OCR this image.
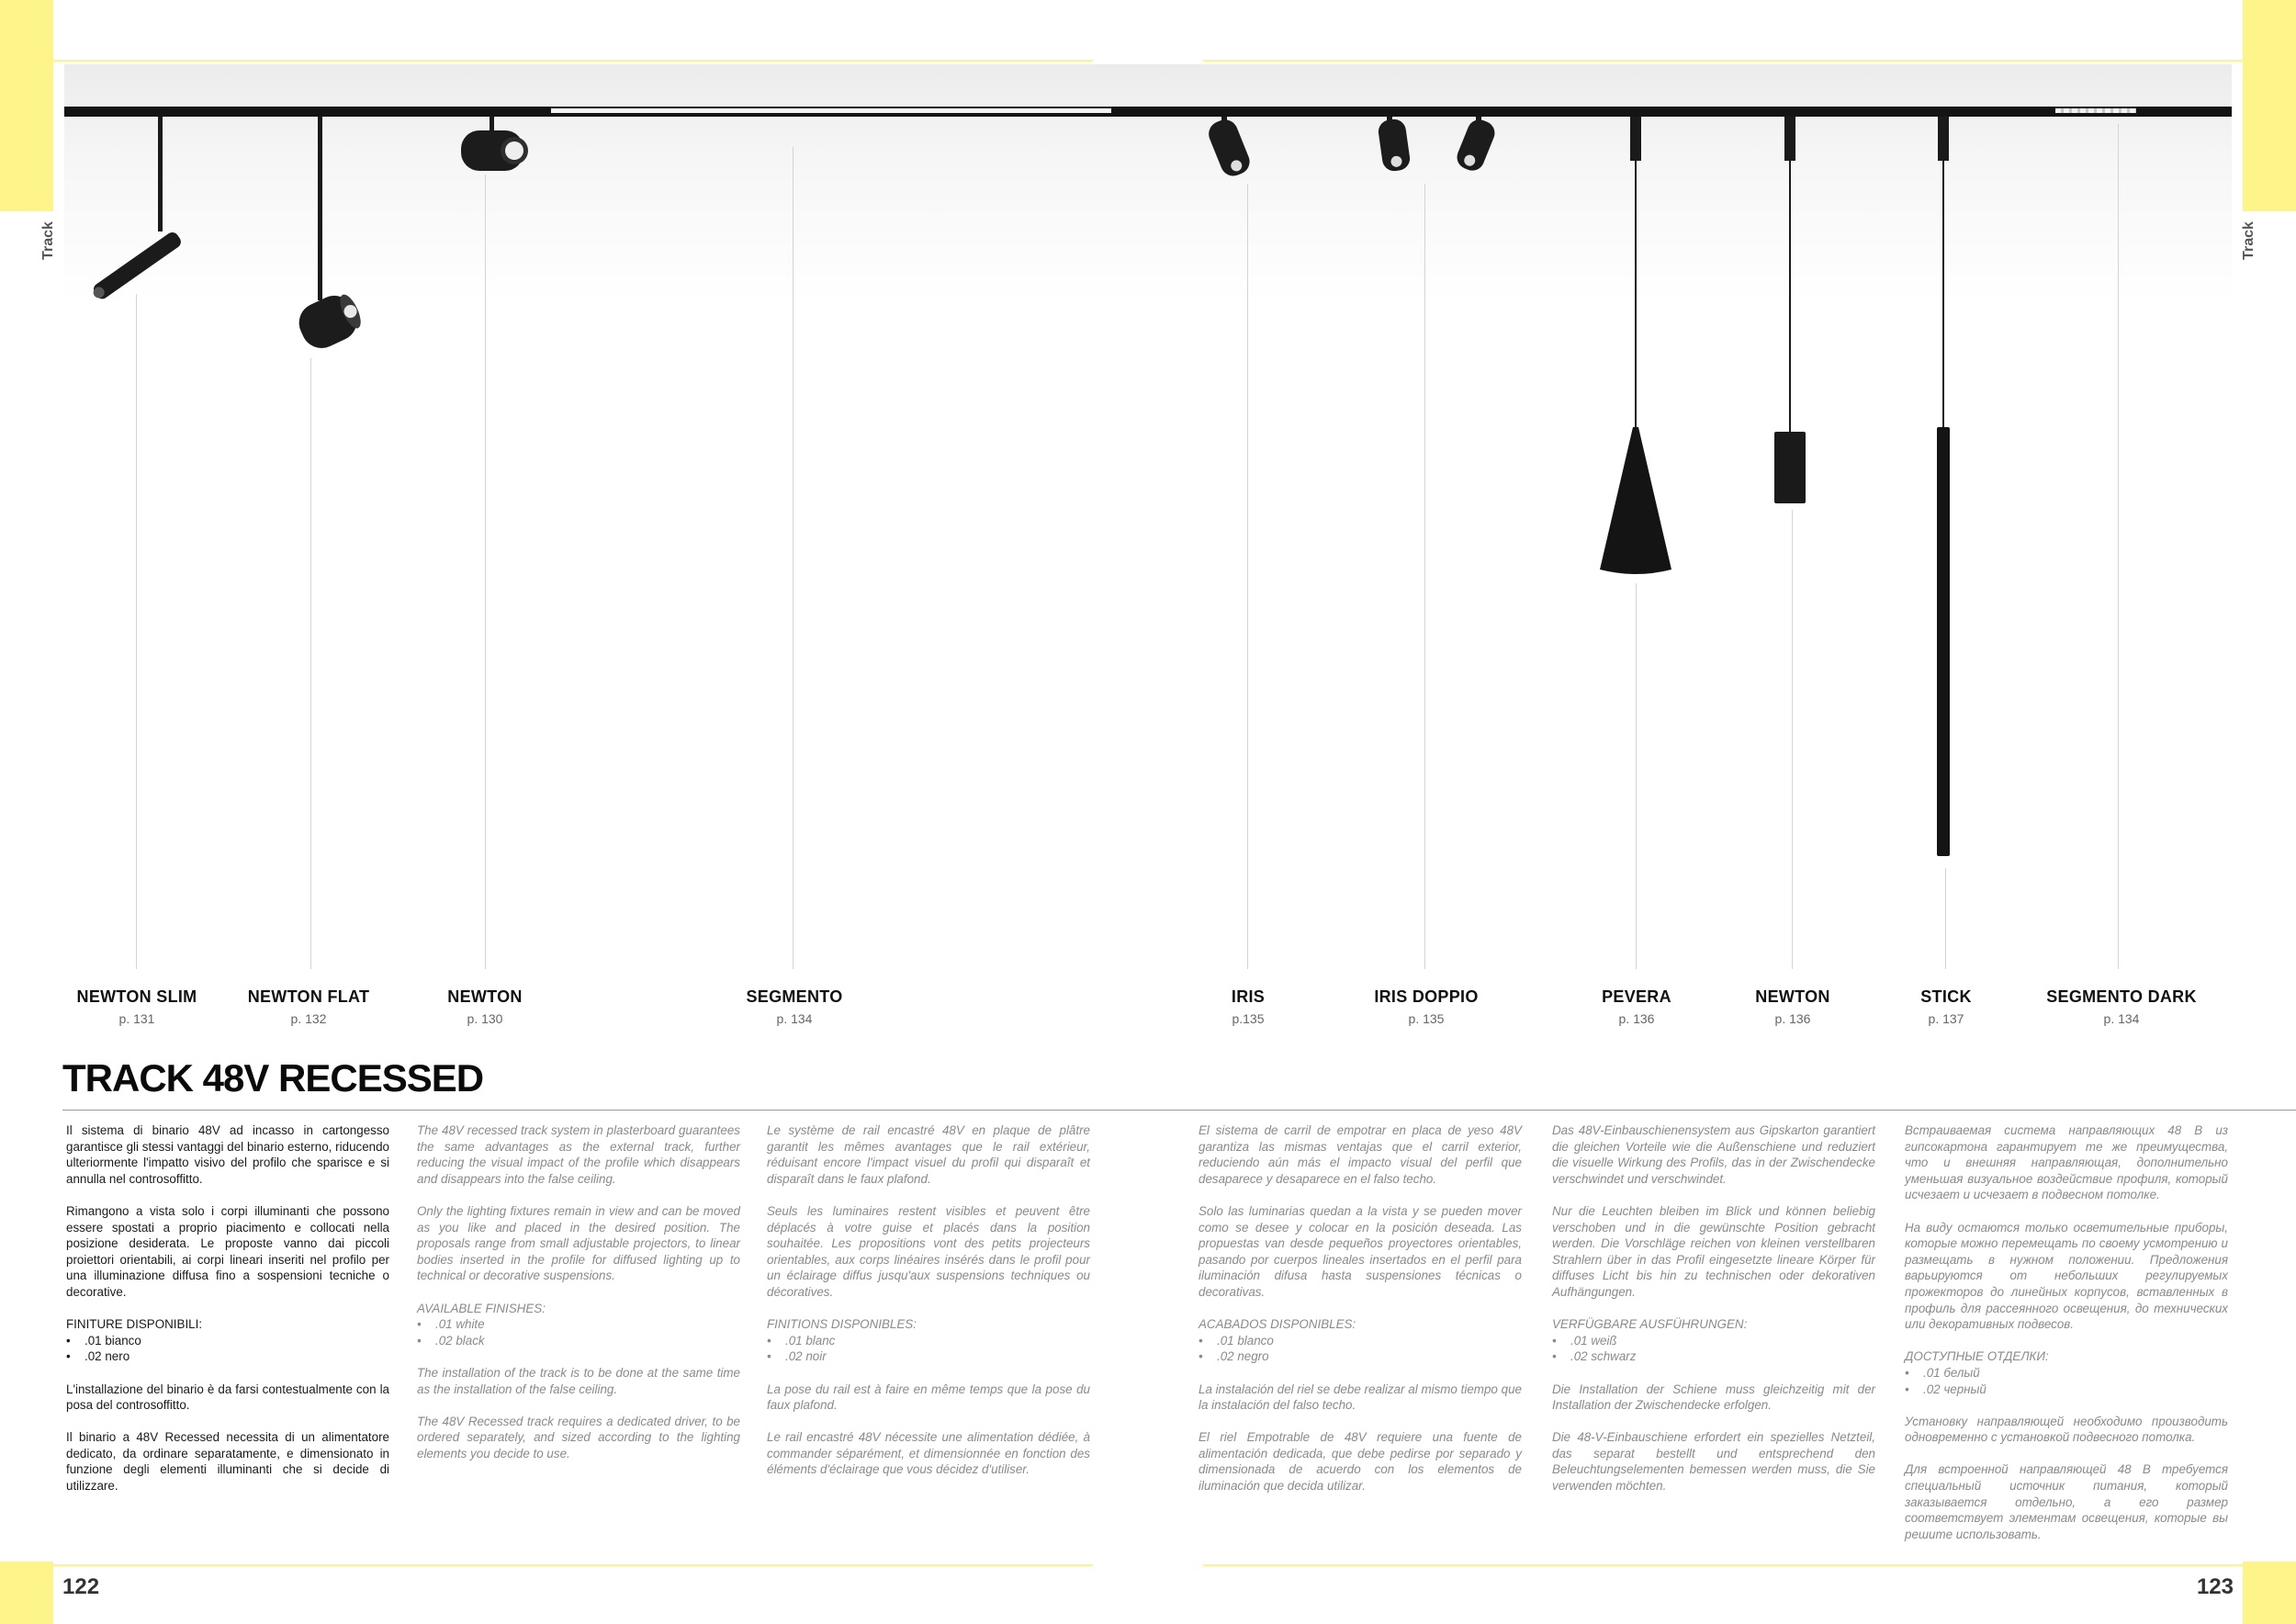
Track	Track
NEWTON SLIM
p. 131
NEWTON FLAT
p. 132
NEWTON
p. 130
SEGMENTO
p. 134
IRIS
p.135
IRIS DOPPIO
p. 135
PEVERA
p. 136
NEWTON
p. 136
STICK
p. 137
SEGMENTO DARK
p. 134
TRACK 48V RECESSED

Il sistema di binario 48V ad incasso in cartongesso garantisce gli stessi vantaggi del binario esterno, riducendo ulteriormente l'impatto visivo del profilo che sparisce e si annulla nel controsoffitto.

Rimangono a vista solo i corpi illuminanti che possono essere spostati a proprio piacimento e collocati nella posizione desiderata. Le proposte vanno dai piccoli proiettori orientabili, ai corpi lineari inseriti nel profilo per una illuminazione diffusa fino a sospensioni tecniche o decorative.

FINITURE DISPONIBILI:
• .01 bianco
• .02 nero

L'installazione del binario è da farsi contestualmente con la posa del controsoffitto.

Il binario a 48V Recessed necessita di un alimentatore dedicato, da ordinare separatamente, e dimensionato in funzione degli elementi illuminanti che si decide di utilizzare.

The 48V recessed track system in plasterboard guarantees the same advantages as the external track, further reducing the visual impact of the profile which disappears and disappears into the false ceiling.

Only the lighting fixtures remain in view and can be moved as you like and placed in the desired position. The proposals range from small adjustable projectors, to linear bodies inserted in the profile for diffused lighting up to technical or decorative suspensions.

AVAILABLE FINISHES:
• .01 white
• .02 black

The installation of the track is to be done at the same time as the installation of the false ceiling.

The 48V Recessed track requires a dedicated driver, to be ordered separately, and sized according to the lighting elements you decide to use.

Le système de rail encastré 48V en plaque de plâtre garantit les mêmes avantages que le rail extérieur, réduisant encore l'impact visuel du profil qui disparaît et disparaît dans le faux plafond.

Seuls les luminaires restent visibles et peuvent être déplacés à votre guise et placés dans la position souhaitée. Les propositions vont des petits projecteurs orientables, aux corps linéaires insérés dans le profil pour un éclairage diffus jusqu'aux suspensions techniques ou décoratives.

FINITIONS DISPONIBLES:
• .01 blanc
• .02 noir

La pose du rail est à faire en même temps que la pose du faux plafond.

Le rail encastré 48V nécessite une alimentation dédiée, à commander séparément, et dimensionnée en fonction des éléments d'éclairage que vous décidez d'utiliser.

El sistema de carril de empotrar en placa de yeso 48V garantiza las mismas ventajas que el carril exterior, reduciendo aún más el impacto visual del perfil que desaparece y desaparece en el falso techo.

Solo las luminarias quedan a la vista y se pueden mover como se desee y colocar en la posición deseada. Las propuestas van desde pequeños proyectores orientables, pasando por cuerpos lineales insertados en el perfil para iluminación difusa hasta suspensiones técnicas o decorativas.

ACABADOS DISPONIBLES:
• .01 blanco
• .02 negro

La instalación del riel se debe realizar al mismo tiempo que la instalación del falso techo.

El riel Empotrable de 48V requiere una fuente de alimentación dedicada, que debe pedirse por separado y dimensionada de acuerdo con los elementos de iluminación que decida utilizar.

Das 48V-Einbauschienensystem aus Gipskarton garantiert die gleichen Vorteile wie die Außenschiene und reduziert die visuelle Wirkung des Profils, das in der Zwischendecke verschwindet und verschwindet.

Nur die Leuchten bleiben im Blick und können beliebig verschoben und in die gewünschte Position gebracht werden. Die Vorschläge reichen von kleinen verstellbaren Strahlern über in das Profil eingesetzte lineare Körper für diffuses Licht bis hin zu technischen oder dekorativen Aufhängungen.

VERFÜGBARE AUSFÜHRUNGEN:
• .01 weiß
• .02 schwarz

Die Installation der Schiene muss gleichzeitig mit der Installation der Zwischendecke erfolgen.

Die 48-V-Einbauschiene erfordert ein spezielles Netzteil, das separat bestellt und entsprechend den Beleuchtungselementen bemessen werden muss, die Sie verwenden möchten.

Встраиваемая система направляющих 48 В из гипсокартона гарантирует те же преимущества, что и внешняя направляющая, дополнительно уменьшая визуальное воздействие профиля, который исчезает и исчезает в подвесном потолке.

На виду остаются только осветительные приборы, которые можно перемещать по своему усмотрению и размещать в нужном положении. Предложения варьируются от небольших регулируемых прожекторов до линейных корпусов, вставленных в профиль для рассеянного освещения, до технических или декоративных подвесов.

ДОСТУПНЫЕ ОТДЕЛКИ:
• .01 белый
• .02 черный

Установку направляющей необходимо производить одновременно с установкой подвесного потолка.

Для встроенной направляющей 48 В требуется специальный источник питания, который заказывается отдельно, а его размер соответствует элементам освещения, которые вы решите использовать.

122	123
